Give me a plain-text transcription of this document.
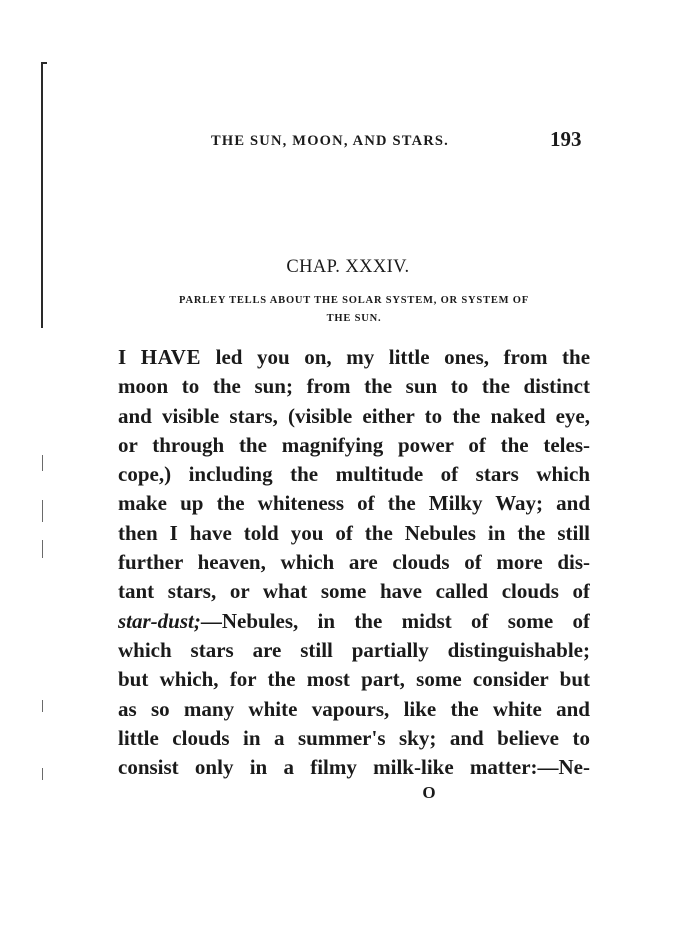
THE SUN, MOON, AND STARS.	193
CHAP. XXXIV.
PARLEY TELLS ABOUT THE SOLAR SYSTEM, OR SYSTEM OF
THE SUN.
I HAVE led you on, my little ones, from the
moon to the sun; from the sun to the distinct
and visible stars, (visible either to the naked eye,
or through the magnifying power of the teles-
cope,) including the multitude of stars which
make up the whiteness of the Milky Way; and
then I have told you of the Nebules in the still
further heaven, which are clouds of more dis-
tant stars, or what some have called clouds of
star-dust;—Nebules, in the midst of some of
which stars are still partially distinguishable;
but which, for the most part, some consider but
as so many white vapours, like the white and
little clouds in a summer's sky; and believe to
consist only in a filmy milk-like matter:—Ne-
O
